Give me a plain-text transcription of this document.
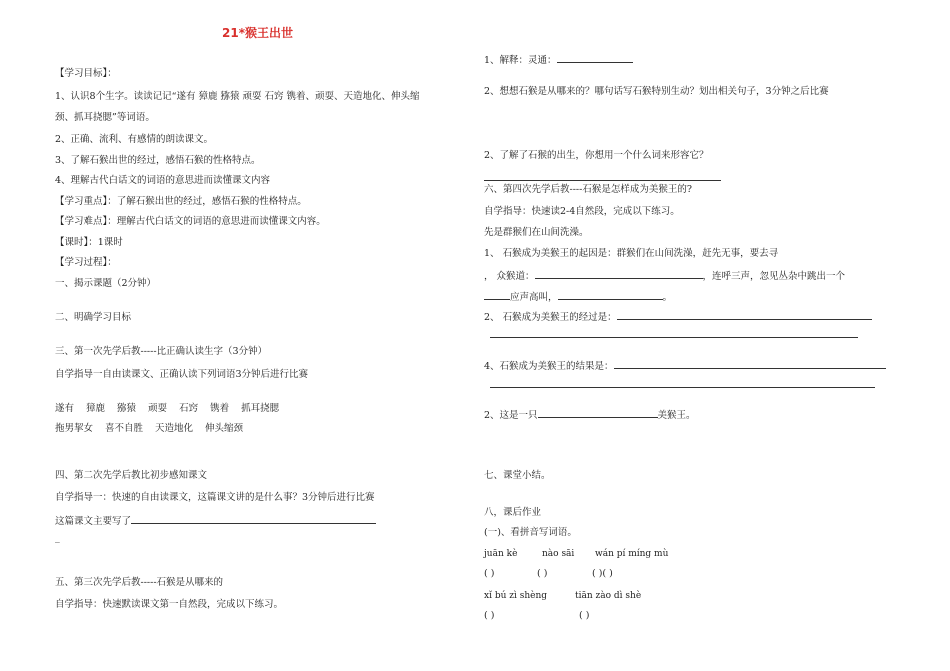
21*猴王出世
【学习目标】：
1、认识8个生字。读读记记“遂有 獐鹿 猕猿 顽耍 石窍 镌着、顽耍、天造地化、伸头缩
颈、抓耳挠腮”等词语。
2、正确、流利、有感情的朗读课文。
3、了解石猴出世的经过，感悟石猴的性格特点。
4、理解古代白话文的词语的意思进而读懂课文内容
【学习重点】：了解石猴出世的经过，感悟石猴的性格特点。
【学习难点】：理解古代白话文的词语的意思进而读懂课文内容。
【课时】：1课时
【学习过程】：
一、揭示课题（2分钟）
二、明确学习目标
三、第一次先学后教-----比正确认读生字（3分钟）
自学指导一自由读课文、正确认读下列词语3分钟后进行比赛
遂有 獐鹿 猕猿 顽耍 石窍 镌着 抓耳挠腮
拖男挈女 喜不自胜 天造地化 伸头缩颈
四、第二次先学后教比初步感知课文
自学指导一：快速的自由读课文，这篇课文讲的是什么事？3分钟后进行比赛
这篇课文主要写了
_
五、第三次先学后教-----石猴是从哪来的
自学指导：快速默读课文第一自然段，完成以下练习。
1、解释：灵通：
2、想想石猴是从哪来的？哪句话写石猴特别生动？划出相关句子，3分钟之后比赛
2、了解了石猴的出生，你想用一个什么词来形容它？
六、第四次先学后教----石猴是怎样成为美猴王的?
自学指导：快速读2-4自然段，完成以下练习。
先是群猴们在山间洗澡。
1、 石猴成为美猴王的起因是：群猴们在山间洗澡，赶先无事，要去寻
， 众猴道：	，连呼三声，忽见丛杂中跳出一个
应声高叫，	。
2、 石猴成为美猴王的经过是：
4、石猴成为美猴王的结果是：
2、这是一只	美猴王。
七、课堂小结。
八，课后作业
(一)、看拼音写词语。
juān kè	nào sāi wán pí míng mù
( )	( )	( )( )
xǐ bú zì shèng	tiān zào dì shè
( )	( )
